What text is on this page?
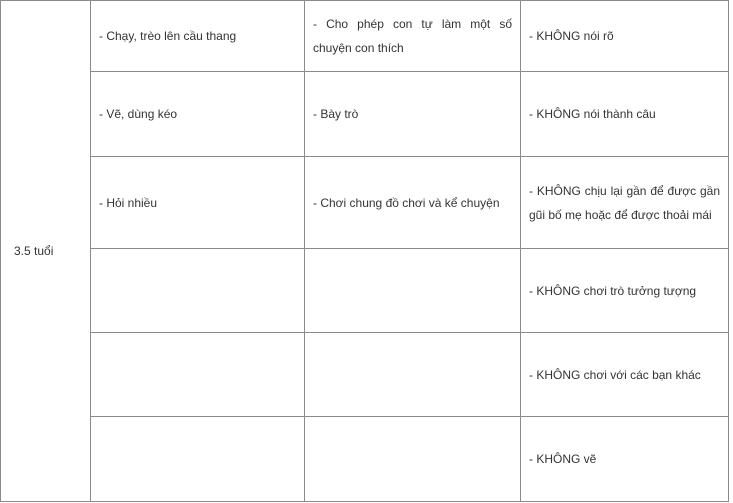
3.5 tuổi	- Chạy, trèo lên cầu thang	- Cho phép con tự làm một số chuyện con thích	- KHÔNG nói rõ
	- Vẽ, dùng kéo	- Bày trò	- KHÔNG nói thành câu
	- Hỏi nhiều	- Chơi chung đồ chơi và kể chuyện	- KHÔNG chịu lại gần để được gần gũi bố mẹ hoặc để được thoải mái
			- KHÔNG chơi trò tưởng tượng
			- KHÔNG chơi với các bạn khác
			- KHÔNG vẽ
